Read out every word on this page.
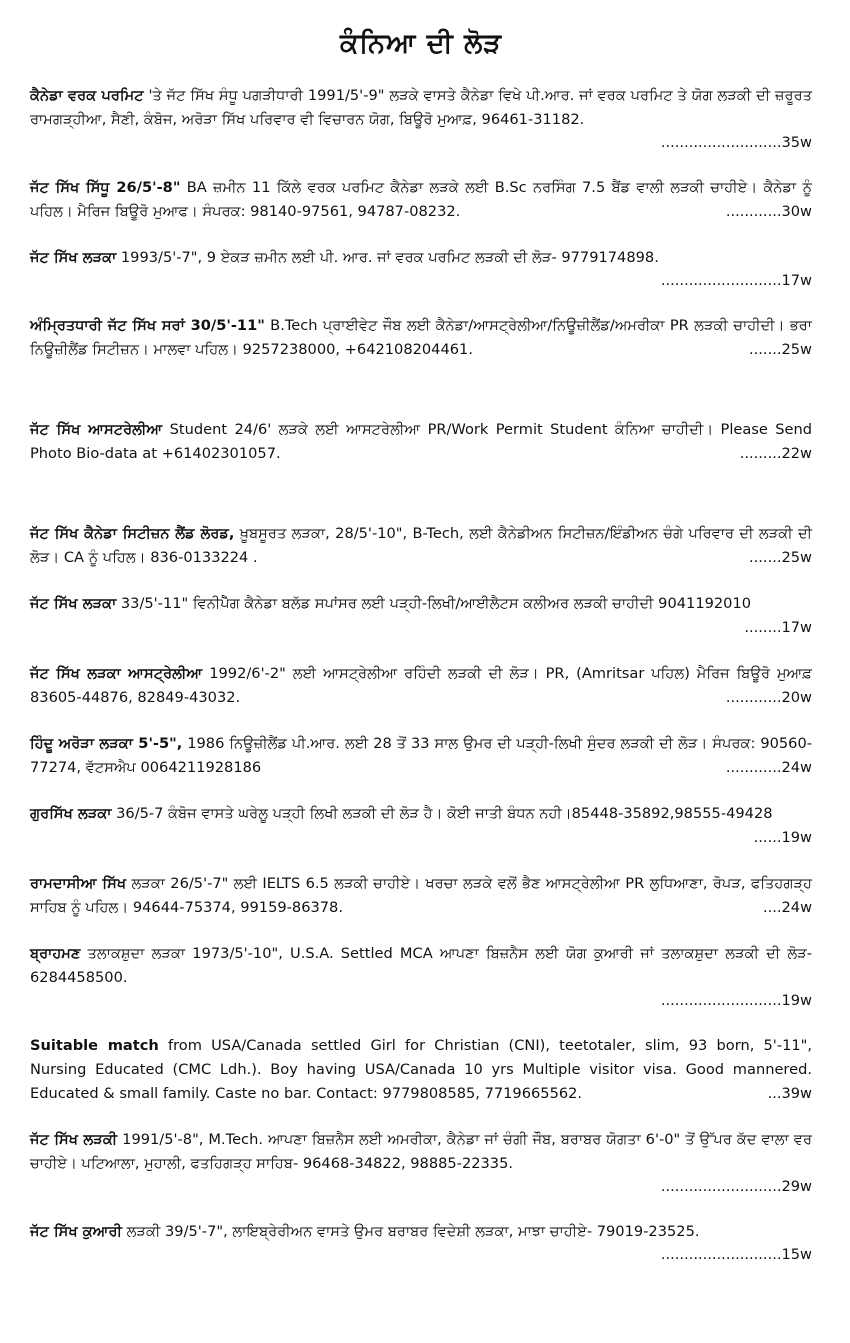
ਕੰਨਿਆ ਦੀ ਲੋੜ

ਕੈਨੇਡਾ ਵਰਕ ਪਰਮਿਟ 'ਤੇ ਜੱਟ ਸਿੱਖ ਸੰਧੂ ਪਗੜੀਧਾਰੀ 1991/5'-9" ਲੜਕੇ ਵਾਸਤੇ ਕੈਨੇਡਾ ਵਿਖੇ ਪੀ.ਆਰ. ਜਾਂ ਵਰਕ ਪਰਮਿਟ ਤੇ ਯੋਗ ਲੜਕੀ ਦੀ ਜ਼ਰੂਰਤ ਰਾਮਗੜ੍ਹੀਆ, ਸੈਣੀ, ਕੰਬੋਜ, ਅਰੋੜਾ ਸਿੱਖ ਪਰਿਵਾਰ ਵੀ ਵਿਚਾਰਨ ਯੋਗ, ਬਿਊਰੋ ਮੁਆਫ਼, 96461-31182.
..........................35w

ਜੱਟ ਸਿੱਖ ਸਿੱਧੂ 26/5'-8" BA ਜ਼ਮੀਨ 11 ਕਿੱਲੇ ਵਰਕ ਪਰਮਿਟ ਕੈਨੇਡਾ ਲੜਕੇ ਲਈ B.Sc ਨਰਸਿੰਗ 7.5 ਬੈਂਡ ਵਾਲੀ ਲੜਕੀ ਚਾਹੀਏ। ਕੈਨੇਡਾ ਨੂੰ ਪਹਿਲ। ਮੈਰਿਜ ਬਿਊਰੋ ਮੁਆਫ। ਸੰਪਰਕ: 98140-97561, 94787-08232.	............30w

ਜੱਟ ਸਿੱਖ ਲੜਕਾ 1993/5'-7", 9 ਏਕੜ ਜ਼ਮੀਨ ਲਈ ਪੀ. ਆਰ. ਜਾਂ ਵਰਕ ਪਰਮਿਟ ਲੜਕੀ ਦੀ ਲੋੜ- 9779174898.
..........................17w

ਅੰਮ੍ਰਿਤਧਾਰੀ ਜੱਟ ਸਿੱਖ ਸਰਾਂ 30/5'-11" B.Tech ਪ੍ਰਾਈਵੇਟ ਜੌਬ ਲਈ ਕੈਨੇਡਾ/ਆਸਟ੍ਰੇਲੀਆ/ਨਿਊਜ਼ੀਲੈਂਡ/ਅਮਰੀਕਾ PR ਲੜਕੀ ਚਾਹੀਦੀ। ਭਰਾ ਨਿਊਜ਼ੀਲੈਂਡ ਸਿਟੀਜ਼ਨ। ਮਾਲਵਾ ਪਹਿਲ। 9257238000, +642108204461.	.......25w

ਜੱਟ ਸਿੱਖ ਆਸਟਰੇਲੀਆ Student 24/6' ਲੜਕੇ ਲਈ ਆਸਟਰੇਲੀਆ PR/Work Permit Student ਕੰਨਿਆ ਚਾਹੀਦੀ। Please Send Photo Bio-data at +61402301057.	.........22w

ਜੱਟ ਸਿੱਖ ਕੈਨੇਡਾ ਸਿਟੀਜ਼ਨ ਲੈਂਡ ਲੋਰਡ, ਖ਼ੂਬਸੂਰਤ ਲੜਕਾ, 28/5'-10", B-Tech, ਲਈ ਕੈਨੇਡੀਅਨ ਸਿਟੀਜ਼ਨ/ਇੰਡੀਅਨ ਚੰਗੇ ਪਰਿਵਾਰ ਦੀ ਲੜਕੀ ਦੀ ਲੋੜ। CA ਨੂੰ ਪਹਿਲ। 836-0133224 .	.......25w

ਜੱਟ ਸਿੱਖ ਲੜਕਾ 33/5'-11" ਵਿਨੀਪੈੱਗ ਕੈਨੇਡਾ ਬਲੱਡ ਸਪਾਂਸਰ ਲਈ ਪੜ੍ਹੀ-ਲਿਖੀ/ਆਈਲੈਟਸ ਕਲੀਅਰ ਲੜਕੀ ਚਾਹੀਦੀ 9041192010
........17w

ਜੱਟ ਸਿੱਖ ਲੜਕਾ ਆਸਟ੍ਰੇਲੀਆ 1992/6'-2" ਲਈ ਆਸਟ੍ਰੇਲੀਆ ਰਹਿੰਦੀ ਲੜਕੀ ਦੀ ਲੋੜ। PR, (Amritsar ਪਹਿਲ) ਮੈਰਿਜ ਬਿਊਰੋ ਮੁਆਫ਼ 83605-44876, 82849-43032.	............20w

ਹਿੰਦੂ ਅਰੋੜਾ ਲੜਕਾ 5'-5", 1986 ਨਿਊਜ਼ੀਲੈਂਡ ਪੀ.ਆਰ. ਲਈ 28 ਤੋਂ 33 ਸਾਲ ਉਮਰ ਦੀ ਪੜ੍ਹੀ-ਲਿਖੀ ਸੁੰਦਰ ਲੜਕੀ ਦੀ ਲੋੜ। ਸੰਪਰਕ: 90560-77274, ਵੱਟਸਐਪ 0064211928186	............24w

ਗੁਰਸਿੱਖ ਲੜਕਾ 36/5-7 ਕੰਬੋਜ ਵਾਸਤੇ ਘਰੇਲੂ ਪੜ੍ਹੀ ਲਿਖੀ ਲੜਕੀ ਦੀ ਲੋੜ ਹੈ। ਕੋਈ ਜਾਤੀ ਬੰਧਨ ਨਹੀ।85448-35892,98555-49428
......19w

ਰਾਮਦਾਸੀਆ ਸਿੱਖ ਲੜਕਾ 26/5'-7" ਲਈ IELTS 6.5 ਲੜਕੀ ਚਾਹੀਏ। ਖਰਚਾ ਲੜਕੇ ਵਲੋਂ ਭੈਣ ਆਸਟ੍ਰੇਲੀਆ PR ਲੁਧਿਆਣਾ, ਰੋਪੜ, ਫਤਿਹਗੜ੍ਹ ਸਾਹਿਬ ਨੂੰ ਪਹਿਲ। 94644-75374, 99159-86378.	....24w

ਬ੍ਰਾਹਮਣ ਤਲਾਕਸ਼ੁਦਾ ਲੜਕਾ 1973/5'-10", U.S.A. Settled MCA ਆਪਣਾ ਬਿਜ਼ਨੈਸ ਲਈ ਯੋਗ ਕੁਆਰੀ ਜਾਂ ਤਲਾਕਸ਼ੁਦਾ ਲੜਕੀ ਦੀ ਲੋੜ- 6284458500.
..........................19w

Suitable match from USA/Canada settled Girl for Christian (CNI), teetotaler, slim, 93 born, 5'-11", Nursing Educated (CMC Ldh.). Boy having USA/Canada 10 yrs Multiple visitor visa. Good mannered. Educated & small family. Caste no bar. Contact: 9779808585, 7719665562.	...39w

ਜੱਟ ਸਿੱਖ ਲੜਕੀ 1991/5'-8", M.Tech. ਆਪਣਾ ਬਿਜ਼ਨੈਸ ਲਈ ਅਮਰੀਕਾ, ਕੈਨੇਡਾ ਜਾਂ ਚੰਗੀ ਜੌਬ, ਬਰਾਬਰ ਯੋਗਤਾ 6'-0" ਤੋਂ ਉੱਪਰ ਕੱਦ ਵਾਲਾ ਵਰ ਚਾਹੀਏ। ਪਟਿਆਲਾ, ਮੁਹਾਲੀ, ਫਤਹਿਗੜ੍ਹ ਸਾਹਿਬ- 96468-34822, 98885-22335.
..........................29w

ਜੱਟ ਸਿੱਖ ਕੁਆਰੀ ਲੜਕੀ 39/5'-7", ਲਾਇਬ੍ਰੇਰੀਅਨ ਵਾਸਤੇ ਉਮਰ ਬਰਾਬਰ ਵਿਦੇਸ਼ੀ ਲੜਕਾ, ਮਾਝਾ ਚਾਹੀਏ- 79019-23525.
..........................15w
